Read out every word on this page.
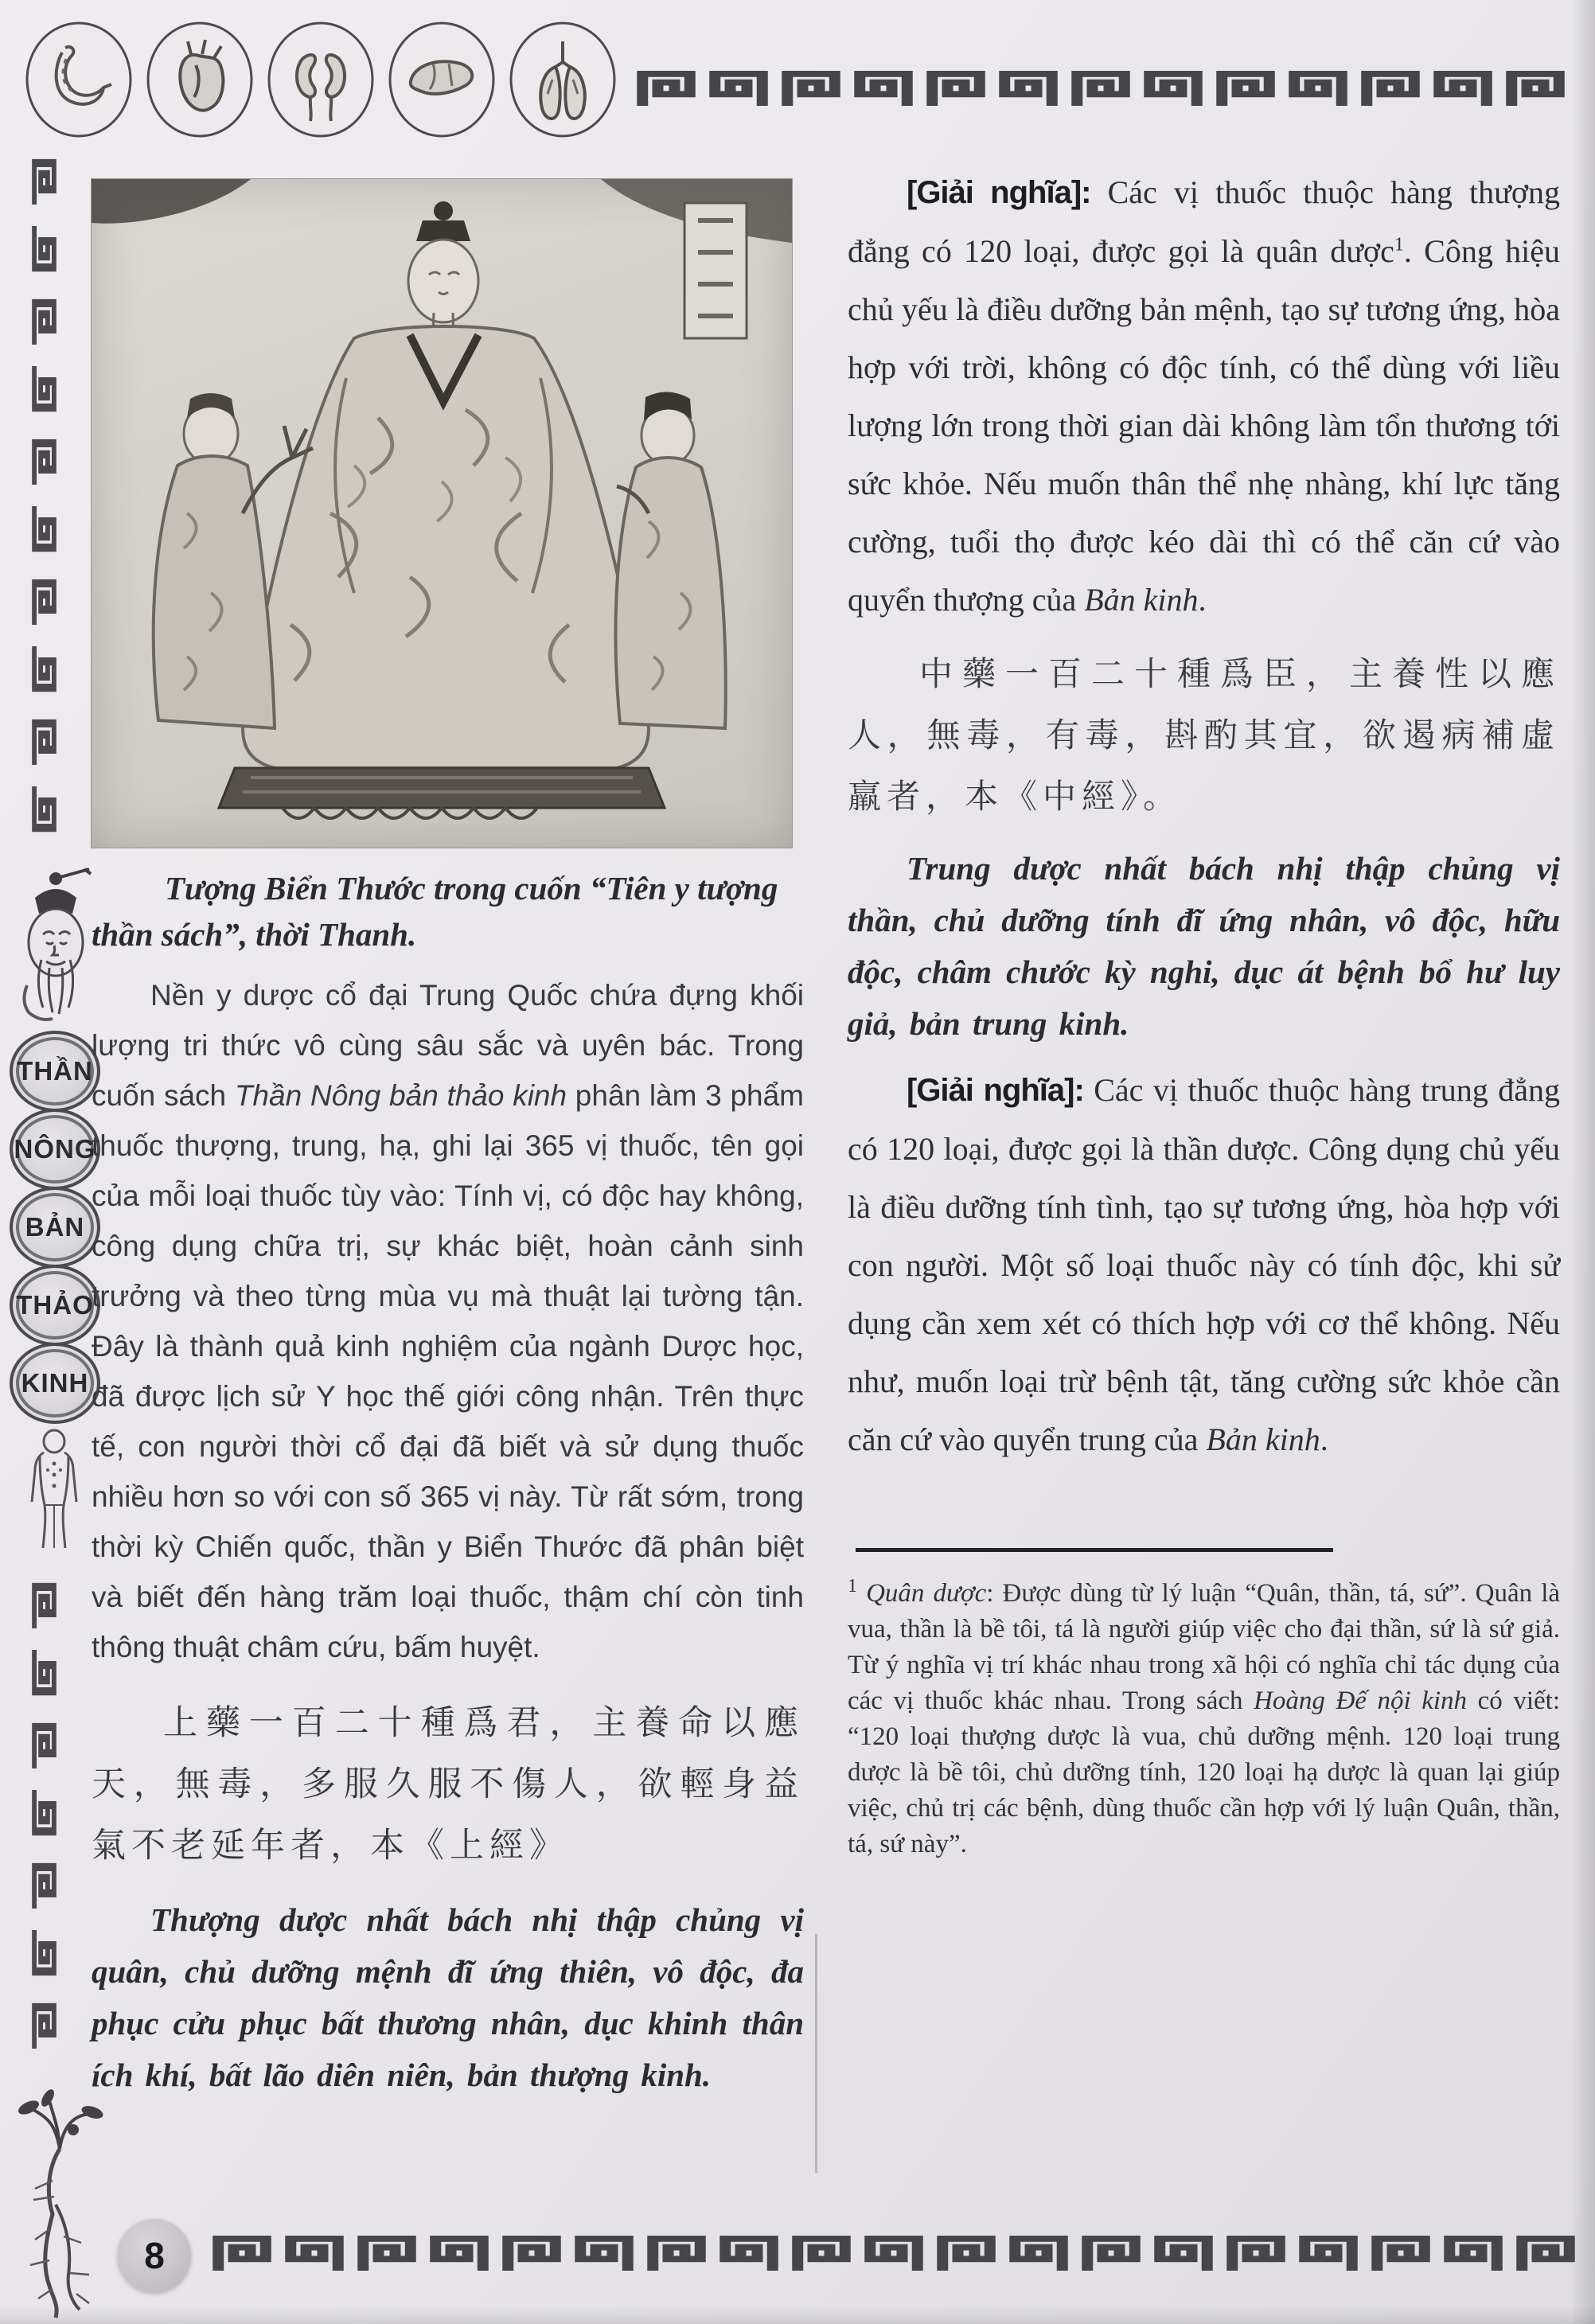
THẦN
NÔNG
BẢN
THẢO
KINH

Tượng Biển Thước trong cuốn “Tiên y tượng thần sách”, thời Thanh.

Nền y dược cổ đại Trung Quốc chứa đựng khối lượng tri thức vô cùng sâu sắc và uyên bác. Trong cuốn sách Thần Nông bản thảo kinh phân làm 3 phẩm thuốc thượng, trung, hạ, ghi lại 365 vị thuốc, tên gọi của mỗi loại thuốc tùy vào: Tính vị, có độc hay không, công dụng chữa trị, sự khác biệt, hoàn cảnh sinh trưởng và theo từng mùa vụ mà thuật lại tường tận. Đây là thành quả kinh nghiệm của ngành Dược học, đã được lịch sử Y học thế giới công nhận. Trên thực tế, con người thời cổ đại đã biết và sử dụng thuốc nhiều hơn so với con số 365 vị này. Từ rất sớm, trong thời kỳ Chiến quốc, thần y Biển Thước đã phân biệt và biết đến hàng trăm loại thuốc, thậm chí còn tinh thông thuật châm cứu, bấm huyệt.

上藥一百二十種爲君，主養命以應天，無毒，多服久服不傷人，欲輕身益氣不老延年者，本《上經》

Thượng dược nhất bách nhị thập chủng vị quân, chủ dưỡng mệnh đĩ ứng thiên, vô độc, đa phục cửu phục bất thương nhân, dục khinh thân ích khí, bất lão diên niên, bản thượng kinh.

[Giải nghĩa]: Các vị thuốc thuộc hàng thượng đẳng có 120 loại, được gọi là quân dược$^1$. Công hiệu chủ yếu là điều dưỡng bản mệnh, tạo sự tương ứng, hòa hợp với trời, không có độc tính, có thể dùng với liều lượng lớn trong thời gian dài không làm tổn thương tới sức khỏe. Nếu muốn thân thể nhẹ nhàng, khí lực tăng cường, tuổi thọ được kéo dài thì có thể căn cứ vào quyển thượng của Bản kinh.

中藥一百二十種爲臣，主養性以應人，無毒，有毒，斟酌其宜，欲遏病補虛羸者，本《中經》。

Trung dược nhất bách nhị thập chủng vị thần, chủ dưỡng tính đĩ ứng nhân, vô độc, hữu độc, châm chước kỳ nghi, dục át bệnh bổ hư luy giả, bản trung kinh.

[Giải nghĩa]: Các vị thuốc thuộc hàng trung đẳng có 120 loại, được gọi là thần dược. Công dụng chủ yếu là điều dưỡng tính tình, tạo sự tương ứng, hòa hợp với con người. Một số loại thuốc này có tính độc, khi sử dụng cần xem xét có thích hợp với cơ thể không. Nếu như, muốn loại trừ bệnh tật, tăng cường sức khỏe cần căn cứ vào quyển trung của Bản kinh.

$^1$ Quân dược: Được dùng từ lý luận “Quân, thần, tá, sứ”. Quân là vua, thần là bề tôi, tá là người giúp việc cho đại thần, sứ là sứ giả. Từ ý nghĩa vị trí khác nhau trong xã hội có nghĩa chỉ tác dụng của các vị thuốc khác nhau. Trong sách Hoàng Đế nội kinh có viết: “120 loại thượng dược là vua, chủ dưỡng mệnh. 120 loại trung dược là bề tôi, chủ dưỡng tính, 120 loại hạ dược là quan lại giúp việc, chủ trị các bệnh, dùng thuốc cần hợp với lý luận Quân, thần, tá, sứ này”.

8
